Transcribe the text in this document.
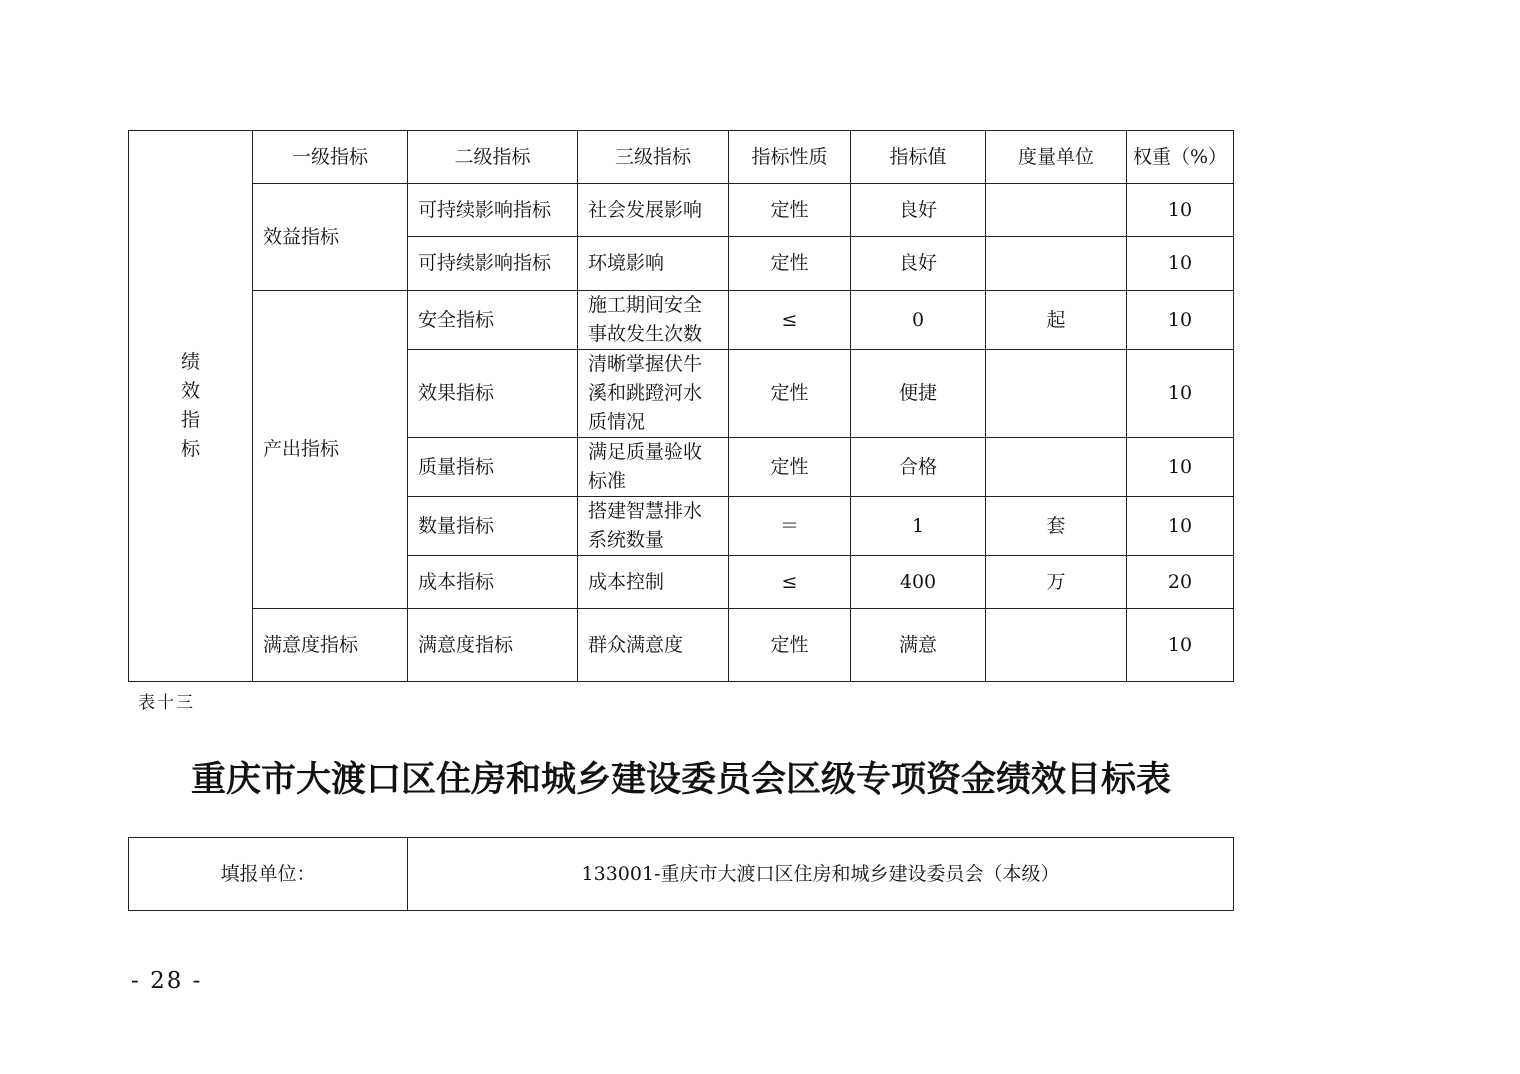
绩
效
指
标	一级指标	二级指标	三级指标	指标性质	指标值	度量单位	权重（%）
	效益指标	可持续影响指标	社会发展影响	定性	良好		10
		可持续影响指标	环境影响	定性	良好		10
	产出指标	安全指标	施工期间安全
事故发生次数	≤	0	起	10
		效果指标	清晰掌握伏牛
溪和跳蹬河水
质情况	定性	便捷		10
		质量指标	满足质量验收
标准	定性	合格		10
		数量指标	搭建智慧排水
系统数量	＝	1	套	10
		成本指标	成本控制	≤	400	万	20
	满意度指标	满意度指标	群众满意度	定性	满意		10
表十三
重庆市大渡口区住房和城乡建设委员会区级专项资金绩效目标表
填报单位：	133001-重庆市大渡口区住房和城乡建设委员会（本级）
- 28 -
